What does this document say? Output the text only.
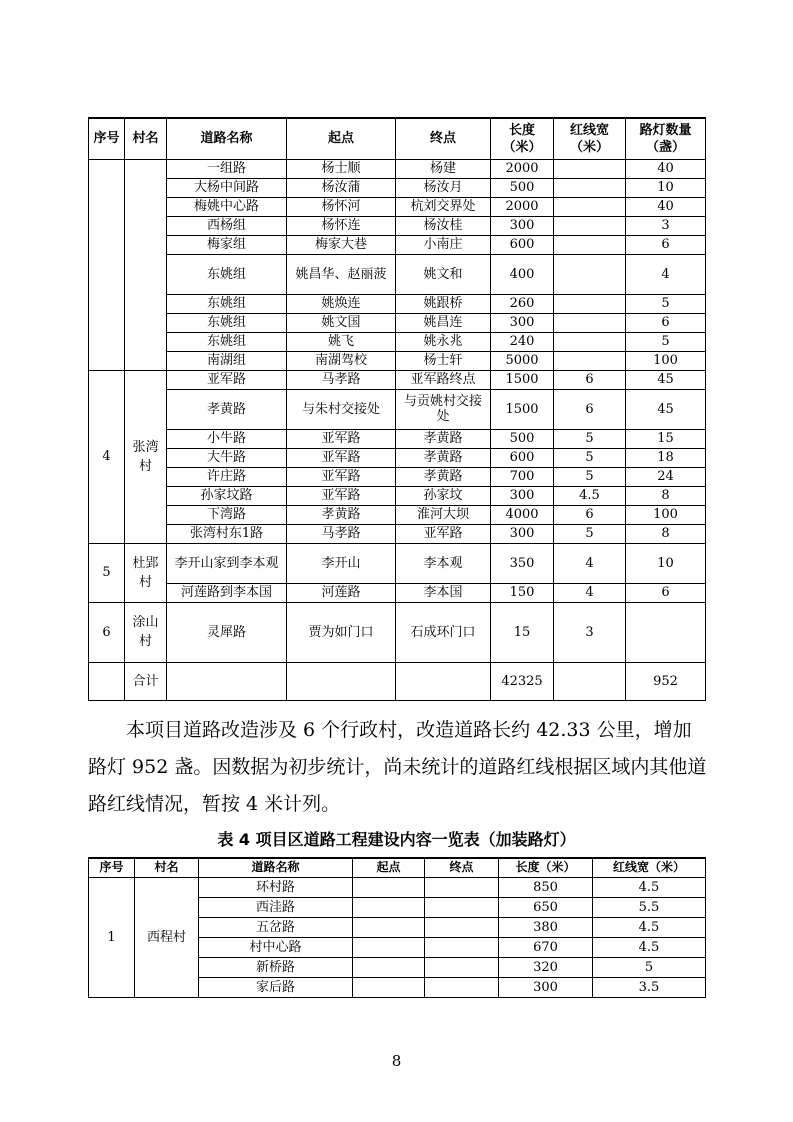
序号	村名	道路名称	起点	终点	长度（米）	红线宽（米）	路灯数量（盏）
		一组路	杨士顺	杨建	2000		40
		大杨中间路	杨汝蒲	杨汝月	500		10
		梅姚中心路	杨怀河	杭刘交界处	2000		40
		西杨组	杨怀连	杨汝桂	300		3
		梅家组	梅家大巷	小南庄	600		6
		东姚组	姚昌华、赵丽菠	姚文和	400		4
		东姚组	姚焕连	姚跟桥	260		5
		东姚组	姚文国	姚昌连	300		6
		东姚组	姚飞	姚永兆	240		5
		南湖组	南湖驾校	杨士轩	5000		100
4	张湾村	亚军路	马孝路	亚军路终点	1500	6	45
		孝黄路	与朱村交接处	与贡姚村交接处	1500	6	45
		小牛路	亚军路	孝黄路	500	5	15
		大牛路	亚军路	孝黄路	600	5	18
		许庄路	亚军路	孝黄路	700	5	24
		孙家坟路	亚军路	孙家坟	300	4.5	8
		下湾路	孝黄路	淮河大坝	4000	6	100
		张湾村东1路	马孝路	亚军路	300	5	8
5	杜郢村	李开山家到李本观	李开山	李本观	350	4	10
		河莲路到李本国	河莲路	李本国	150	4	6
6	涂山村	灵犀路	贾为如门口	石成环门口	15	3	
	合计				42325		952

本项目道路改造涉及 6 个行政村，改造道路长约 42.33 公里，增加路灯 952 盏。因数据为初步统计，尚未统计的道路红线根据区域内其他道路红线情况，暂按 4 米计列。

表 4 项目区道路工程建设内容一览表（加装路灯）

序号	村名	道路名称	起点	终点	长度（米）	红线宽（米）
1	西程村	环村路			850	4.5
		西洼路			650	5.5
		五岔路			380	4.5
		村中心路			670	4.5
		新桥路			320	5
		家后路			300	3.5

8
